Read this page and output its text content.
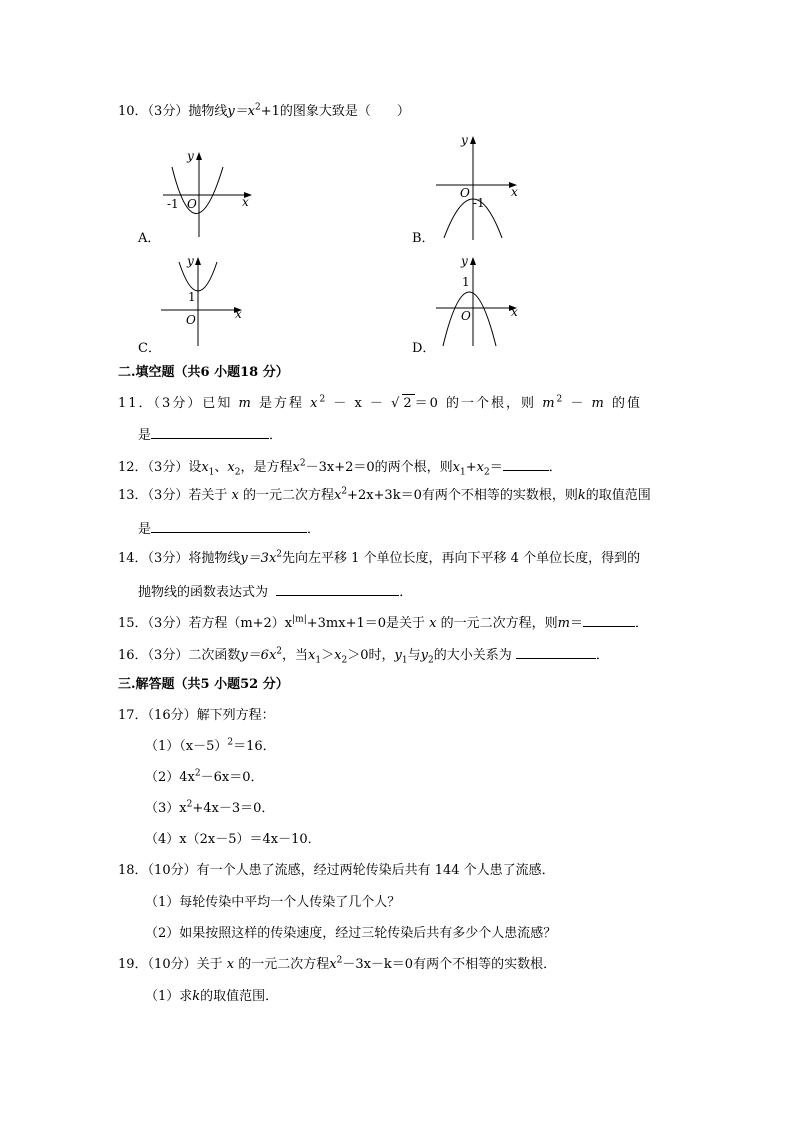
10．（3分）抛物线$y=x^2+1$的图象大致是（　　）
y
x
O
-1
A．
y
x
O
-1
B．
y
x
O
1
C．
y
x
O
1
D．
二.填空题（共6 小题18 分）
11．（3分）已知 m 是方程 $x^2 - x$ － √ 2＝0 的一个根，则 $m^2 - m$ 的值
是	．
12．（3分）设$x_1$、$x_2$，是方程$x^2-3x+2=0$的两个根，则$x_1+x_2=$	．
13．（3分）若关于 x 的一元二次方程$x^2+2x+3k=0$有两个不相等的实数根，则k的取值范围
是	．
14．（3分）将抛物线$y=3x^2$先向左平移 1 个单位长度，再向下平移 4 个单位长度，得到的
抛物线的函数表达式为	．
15．（3分）若方程$(m+2)x^{|m|}+3mx+1=0$是关于 x 的一元二次方程，则m＝	．
16．（3分）二次函数$y=6x^2$，当$x_1>x_2>0$时，$y_1$与$y_2$的大小关系为	．
三.解答题（共5 小题52 分）
17．（16分）解下列方程：
$(1)(x-5)^2=16$．
$(2)4x^2-6x=0$．
$(3)x^2+4x-3=0$．
（4）x（2x－5）＝4x－10．
18．（10分）有一个人患了流感，经过两轮传染后共有 144 个人患了流感．
（1）每轮传染中平均一个人传染了几个人？
（2）如果按照这样的传染速度，经过三轮传染后共有多少个人患流感？
19．（10分）关于 x 的一元二次方程$x^2-3x-k=0$有两个不相等的实数根．
（1）求k的取值范围．
